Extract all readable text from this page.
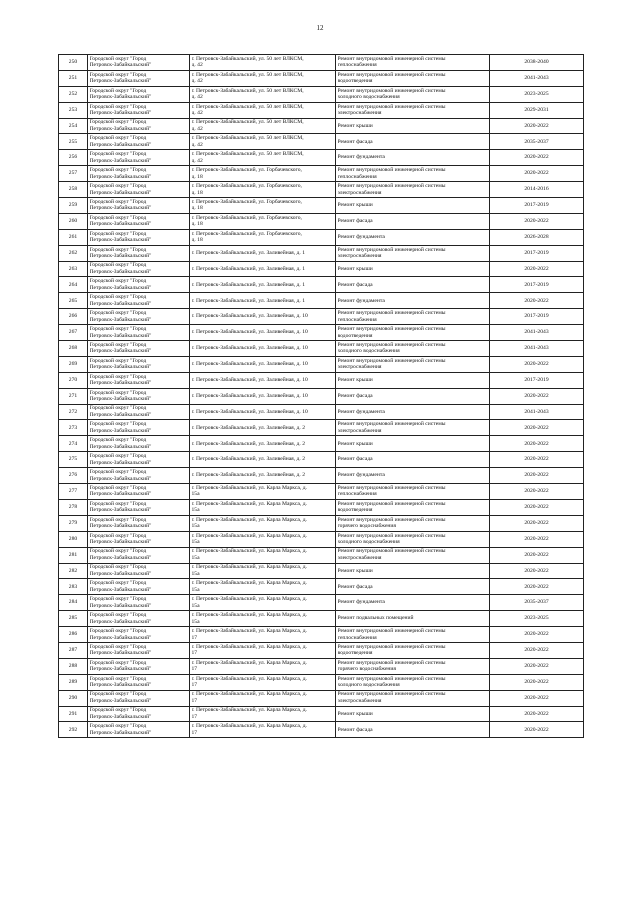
12
250	Городской округ "Город
Петровск-Забайкальский"	г. Петровск-Забайкальский, ул. 50 лет ВЛКСМ,
д. 42	Ремонт внутридомовой инженерной системы
теплоснабжения	2038-2040
251	Городской округ "Город
Петровск-Забайкальский"	г. Петровск-Забайкальский, ул. 50 лет ВЛКСМ,
д. 42	Ремонт внутридомовой инженерной системы
водоотведения	2041-2043
252	Городской округ "Город
Петровск-Забайкальский"	г. Петровск-Забайкальский, ул. 50 лет ВЛКСМ,
д. 42	Ремонт внутридомовой инженерной системы
холодного водоснабжения	2023-2025
253	Городской округ "Город
Петровск-Забайкальский"	г. Петровск-Забайкальский, ул. 50 лет ВЛКСМ,
д. 42	Ремонт внутридомовой инженерной системы
электроснабжения	2029-2031
254	Городской округ "Город
Петровск-Забайкальский"	г. Петровск-Забайкальский, ул. 50 лет ВЛКСМ,
д. 42	Ремонт крыши	2020-2022
255	Городской округ "Город
Петровск-Забайкальский"	г. Петровск-Забайкальский, ул. 50 лет ВЛКСМ,
д. 42	Ремонт фасада	2035-2037
256	Городской округ "Город
Петровск-Забайкальский"	г. Петровск-Забайкальский, ул. 50 лет ВЛКСМ,
д. 42	Ремонт фундамента	2020-2022
257	Городской округ "Город
Петровск-Забайкальский"	г. Петровск-Забайкальский, ул. Горбачевского,
д. 18	Ремонт внутридомовой инженерной системы
теплоснабжения	2020-2022
258	Городской округ "Город
Петровск-Забайкальский"	г. Петровск-Забайкальский, ул. Горбачевского,
д. 18	Ремонт внутридомовой инженерной системы
электроснабжения	2014-2016
259	Городской округ "Город
Петровск-Забайкальский"	г. Петровск-Забайкальский, ул. Горбачевского,
д. 18	Ремонт крыши	2017-2019
260	Городской округ "Город
Петровск-Забайкальский"	г. Петровск-Забайкальский, ул. Горбачевского,
д. 18	Ремонт фасада	2020-2022
261	Городской округ "Город
Петровск-Забайкальский"	г. Петровск-Забайкальский, ул. Горбачевского,
д. 18	Ремонт фундамента	2026-2028
262	Городской округ "Город
Петровск-Забайкальский"	г. Петровск-Забайкальский, ул. Заливейная, д. 1	Ремонт внутридомовой инженерной системы
электроснабжения	2017-2019
263	Городской округ "Город
Петровск-Забайкальский"	г. Петровск-Забайкальский, ул. Заливейная, д. 1	Ремонт крыши	2020-2022
264	Городской округ "Город
Петровск-Забайкальский"	г. Петровск-Забайкальский, ул. Заливейная, д. 1	Ремонт фасада	2017-2019
265	Городской округ "Город
Петровск-Забайкальский"	г. Петровск-Забайкальский, ул. Заливейная, д. 1	Ремонт фундамента	2020-2022
266	Городской округ "Город
Петровск-Забайкальский"	г. Петровск-Забайкальский, ул. Заливейная, д. 10	Ремонт внутридомовой инженерной системы
теплоснабжения	2017-2019
267	Городской округ "Город
Петровск-Забайкальский"	г. Петровск-Забайкальский, ул. Заливейная, д. 10	Ремонт внутридомовой инженерной системы
водоотведения	2041-2043
268	Городской округ "Город
Петровск-Забайкальский"	г. Петровск-Забайкальский, ул. Заливейная, д. 10	Ремонт внутридомовой инженерной системы
холодного водоснабжения	2041-2043
269	Городской округ "Город
Петровск-Забайкальский"	г. Петровск-Забайкальский, ул. Заливейная, д. 10	Ремонт внутридомовой инженерной системы
электроснабжения	2020-2022
270	Городской округ "Город
Петровск-Забайкальский"	г. Петровск-Забайкальский, ул. Заливейная, д. 10	Ремонт крыши	2017-2019
271	Городской округ "Город
Петровск-Забайкальский"	г. Петровск-Забайкальский, ул. Заливейная, д. 10	Ремонт фасада	2020-2022
272	Городской округ "Город
Петровск-Забайкальский"	г. Петровск-Забайкальский, ул. Заливейная, д. 10	Ремонт фундамента	2041-2043
273	Городской округ "Город
Петровск-Забайкальский"	г. Петровск-Забайкальский, ул. Заливейная, д. 2	Ремонт внутридомовой инженерной системы
электроснабжения	2020-2022
274	Городской округ "Город
Петровск-Забайкальский"	г. Петровск-Забайкальский, ул. Заливейная, д. 2	Ремонт крыши	2020-2022
275	Городской округ "Город
Петровск-Забайкальский"	г. Петровск-Забайкальский, ул. Заливейная, д. 2	Ремонт фасада	2020-2022
276	Городской округ "Город
Петровск-Забайкальский"	г. Петровск-Забайкальский, ул. Заливейная, д. 2	Ремонт фундамента	2020-2022
277	Городской округ "Город
Петровск-Забайкальский"	г. Петровск-Забайкальский, ул. Карла Маркса, д.
15а	Ремонт внутридомовой инженерной системы
теплоснабжения	2020-2022
278	Городской округ "Город
Петровск-Забайкальский"	г. Петровск-Забайкальский, ул. Карла Маркса, д.
15а	Ремонт внутридомовой инженерной системы
водоотведения	2020-2022
279	Городской округ "Город
Петровск-Забайкальский"	г. Петровск-Забайкальский, ул. Карла Маркса, д.
15а	Ремонт внутридомовой инженерной системы
горячего водоснабжения	2020-2022
280	Городской округ "Город
Петровск-Забайкальский"	г. Петровск-Забайкальский, ул. Карла Маркса, д.
15а	Ремонт внутридомовой инженерной системы
холодного водоснабжения	2020-2022
281	Городской округ "Город
Петровск-Забайкальский"	г. Петровск-Забайкальский, ул. Карла Маркса, д.
15а	Ремонт внутридомовой инженерной системы
электроснабжения	2020-2022
282	Городской округ "Город
Петровск-Забайкальский"	г. Петровск-Забайкальский, ул. Карла Маркса, д.
15а	Ремонт крыши	2020-2022
283	Городской округ "Город
Петровск-Забайкальский"	г. Петровск-Забайкальский, ул. Карла Маркса, д.
15а	Ремонт фасада	2020-2022
284	Городской округ "Город
Петровск-Забайкальский"	г. Петровск-Забайкальский, ул. Карла Маркса, д.
15а	Ремонт фундамента	2035-2037
285	Городской округ "Город
Петровск-Забайкальский"	г. Петровск-Забайкальский, ул. Карла Маркса, д.
15а	Ремонт подвальных помещений	2023-2025
286	Городской округ "Город
Петровск-Забайкальский"	г. Петровск-Забайкальский, ул. Карла Маркса, д.
17	Ремонт внутридомовой инженерной системы
теплоснабжения	2020-2022
287	Городской округ "Город
Петровск-Забайкальский"	г. Петровск-Забайкальский, ул. Карла Маркса, д.
17	Ремонт внутридомовой инженерной системы
водоотведения	2020-2022
288	Городской округ "Город
Петровск-Забайкальский"	г. Петровск-Забайкальский, ул. Карла Маркса, д.
17	Ремонт внутридомовой инженерной системы
горячего водоснабжения	2020-2022
289	Городской округ "Город
Петровск-Забайкальский"	г. Петровск-Забайкальский, ул. Карла Маркса, д.
17	Ремонт внутридомовой инженерной системы
холодного водоснабжения	2020-2022
290	Городской округ "Город
Петровск-Забайкальский"	г. Петровск-Забайкальский, ул. Карла Маркса, д.
17	Ремонт внутридомовой инженерной системы
электроснабжения	2020-2022
291	Городской округ "Город
Петровск-Забайкальский"	г. Петровск-Забайкальский, ул. Карла Маркса, д.
17	Ремонт крыши	2020-2022
292	Городской округ "Город
Петровск-Забайкальский"	г. Петровск-Забайкальский, ул. Карла Маркса, д.
17	Ремонт фасада	2020-2022
